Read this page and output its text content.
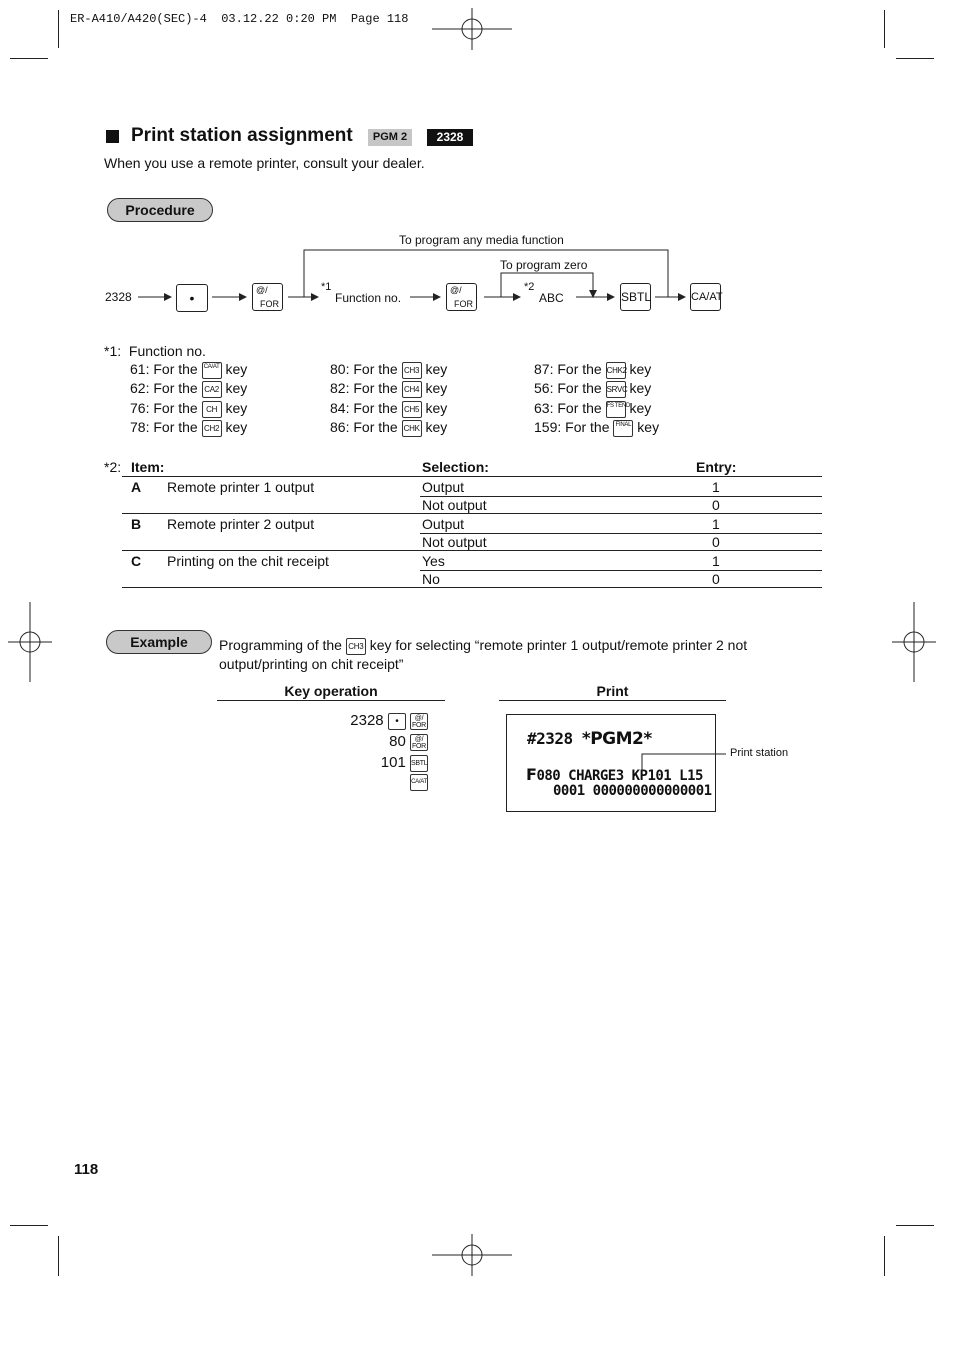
ER-A410/A420(SEC)-4  03.12.22 0:20 PM  Page 118
Print station assignment	PGM 2	2328
When you use a remote printer, consult your dealer.
Procedure
2328	•	@/
FOR
*1
Function no.
@/
FOR
*2
ABC
To program any media function
To program zero
SBTL	CA/AT
*1:  Function no.
61: For the CA/AT key
62: For the CA2 key
76: For the CH key
78: For the CH2 key
80: For the CH3 key
82: For the CH4 key
84: For the CH5 key
86: For the CHK key
87: For the CHK2 key
56: For the SRVC key
63: For the FS TEND key
159: For the FINAL key
*2: Item:	Selection:	Entry:
A Remote printer 1 output	Output	1
Not output	0
B Remote printer 2 output	Output	1
Not output	0
C Printing on the chit receipt	Yes	1
No	0
Example	Programming of the CH3 key for selecting “remote printer 1 output/remote printer 2 not
output/printing on chit receipt”
Key operation	Print
2328 • @/
FOR
80 @/
FOR
101 SBTL
CA/AT
#2328 *PGM2*
F080 CHARGE3 KP101 L15
0001 000000000000001
Print station
118
